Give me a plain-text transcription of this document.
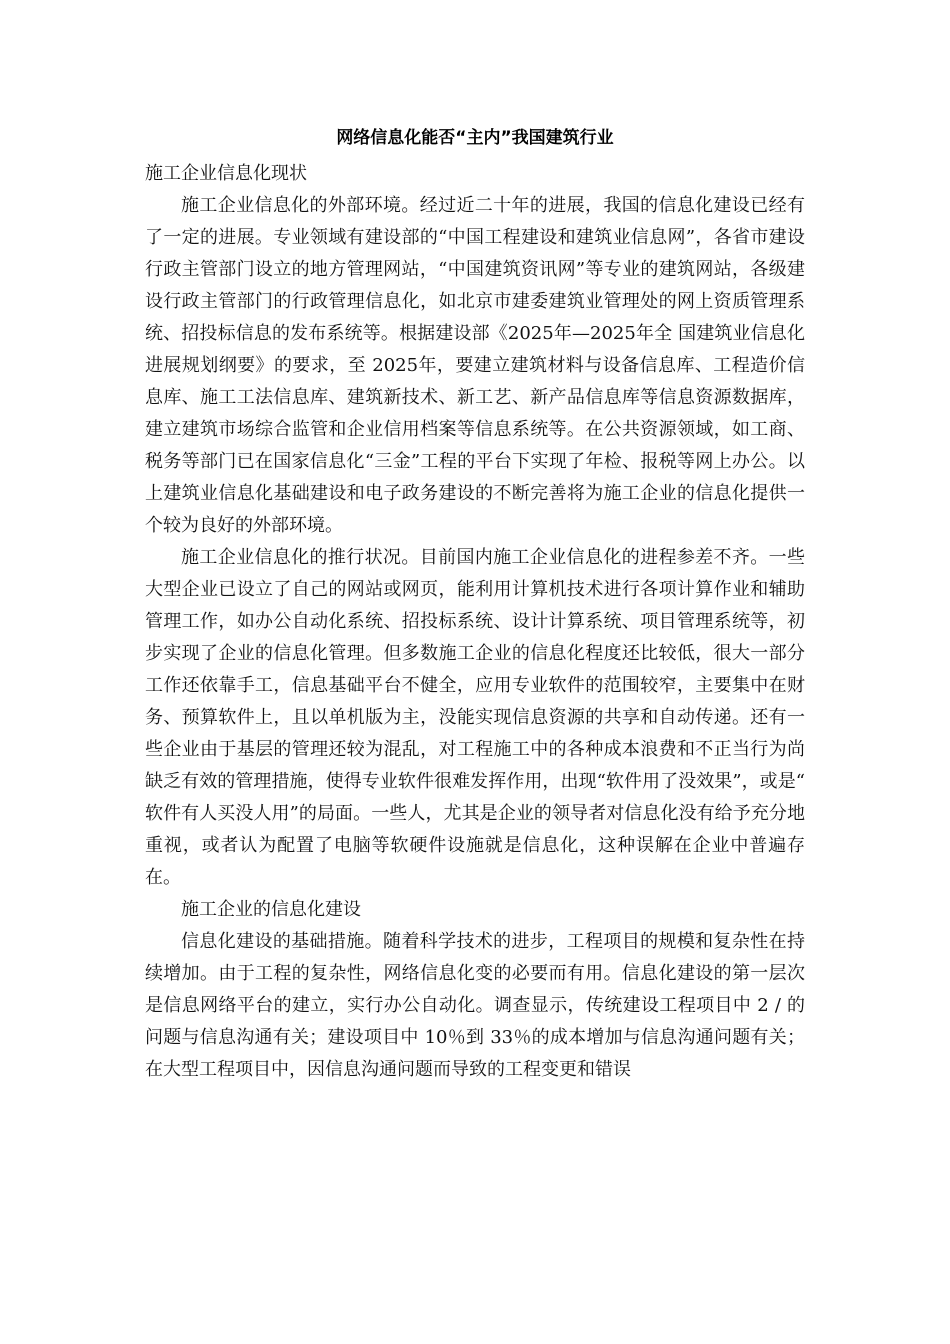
网络信息化能否“主内”我国建筑行业

施工企业信息化现状

施工企业信息化的外部环境。经过近二十年的进展，我国的信息化建设已经有了一定的进展。专业领域有建设部的“中国工程建设和建筑业信息网”，各省市建设行政主管部门设立的地方管理网站，“中国建筑资讯网”等专业的建筑网站，各级建设行政主管部门的行政管理信息化，如北京市建委建筑业管理处的网上资质管理系统、招投标信息的发布系统等。根据建设部《2025年—2025年全 国建筑业信息化进展规划纲要》的要求，至 2025年，要建立建筑材料与设备信息库、工程造价信息库、施工工法信息库、建筑新技术、新工艺、新产品信息库等信息资源数据库，建立建筑市场综合监管和企业信用档案等信息系统等。在公共资源领域，如工商、税务等部门已在国家信息化“三金”工程的平台下实现了年检、报税等网上办公。以上建筑业信息化基础建设和电子政务建设的不断完善将为施工企业的信息化提供一个较为良好的外部环境。

施工企业信息化的推行状况。目前国内施工企业信息化的进程参差不齐。一些大型企业已设立了自己的网站或网页，能利用计算机技术进行各项计算作业和辅助管理工作，如办公自动化系统、招投标系统、设计计算系统、项目管理系统等，初步实现了企业的信息化管理。但多数施工企业的信息化程度还比较低，很大一部分工作还依靠手工，信息基础平台不健全，应用专业软件的范围较窄，主要集中在财务、预算软件上，且以单机版为主，没能实现信息资源的共享和自动传递。还有一些企业由于基层的管理还较为混乱，对工程施工中的各种成本浪费和不正当行为尚缺乏有效的管理措施，使得专业软件很难发挥作用，出现“软件用了没效果”，或是“ 软件有人买没人用”的局面。一些人，尤其是企业的领导者对信息化没有给予充分地重视，或者认为配置了电脑等软硬件设施就是信息化，这种误解在企业中普遍存在。

施工企业的信息化建设

信息化建设的基础措施。随着科学技术的进步，工程项目的规模和复杂性在持续增加。由于工程的复杂性，网络信息化变的必要而有用。信息化建设的第一层次是信息网络平台的建立，实行办公自动化。调查显示，传统建设工程项目中 2 / 的问题与信息沟通有关；建设项目中 10％到 33％的成本增加与信息沟通问题有关；在大型工程项目中，因信息沟通问题而导致的工程变更和错误
